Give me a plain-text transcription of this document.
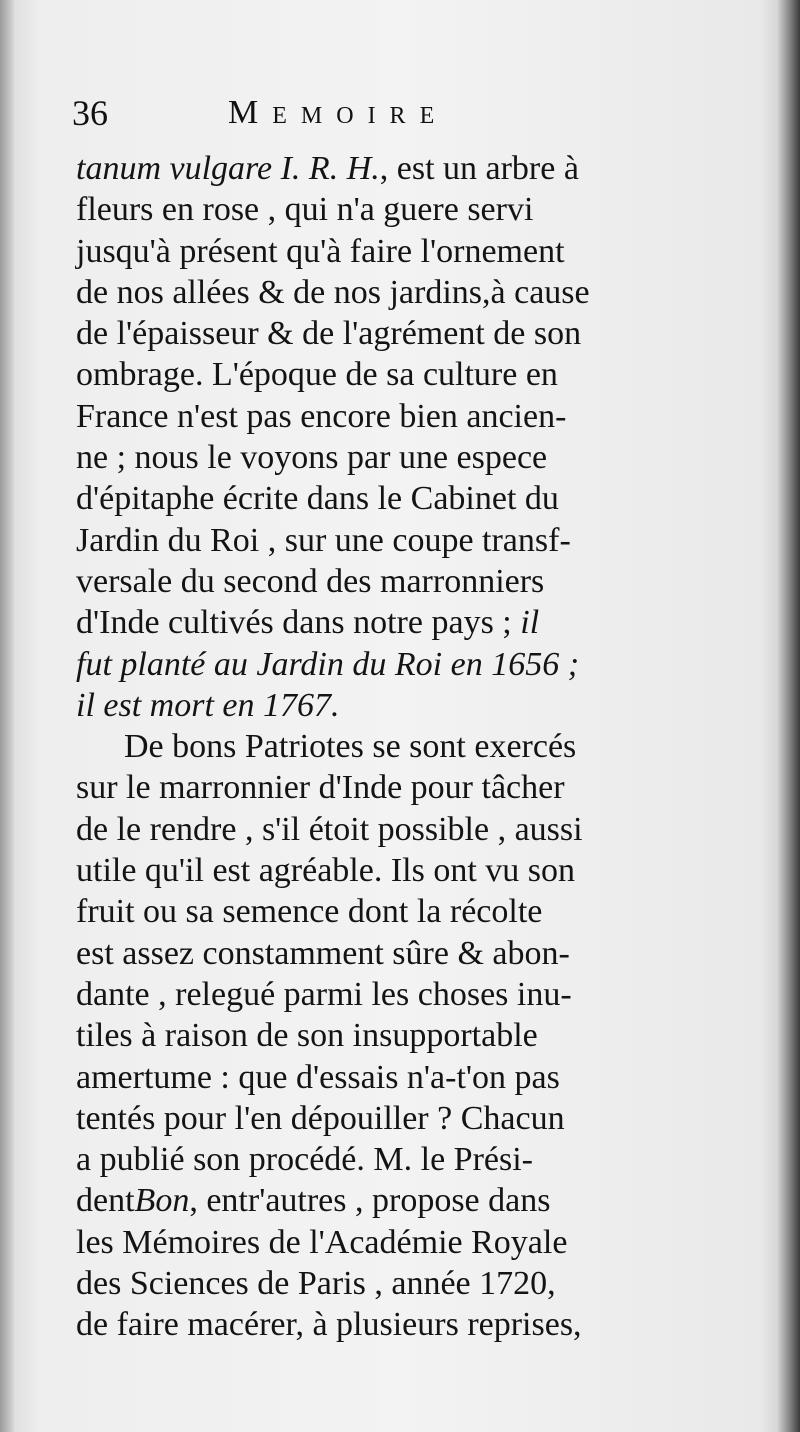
36	Memoire
tanum vulgare I. R. H., est un arbre à
fleurs en rose , qui n'a guere servi
jusqu'à présent qu'à faire l'ornement
de nos allées & de nos jardins,à cause
de l'épaisseur & de l'agrément de son
ombrage. L'époque de sa culture en
France n'est pas encore bien ancien-
ne ; nous le voyons par une espece
d'épitaphe écrite dans le Cabinet du
Jardin du Roi , sur une coupe transf-
versale du second des marronniers
d'Inde cultivés dans notre pays ; il
fut planté au Jardin du Roi en 1656 ;
il est mort en 1767.
De bons Patriotes se sont exercés
sur le marronnier d'Inde pour tâcher
de le rendre , s'il étoit possible , aussi
utile qu'il est agréable. Ils ont vu son
fruit ou sa semence dont la récolte
est assez constamment sûre & abon-
dante , relegué parmi les choses inu-
tiles à raison de son insupportable
amertume : que d'essais n'a-t'on pas
tentés pour l'en dépouiller ? Chacun
a publié son procédé. M. le Prési-
dentBon, entr'autres , propose dans
les Mémoires de l'Académie Royale
des Sciences de Paris , année 1720,
de faire macérer, à plusieurs reprises,
